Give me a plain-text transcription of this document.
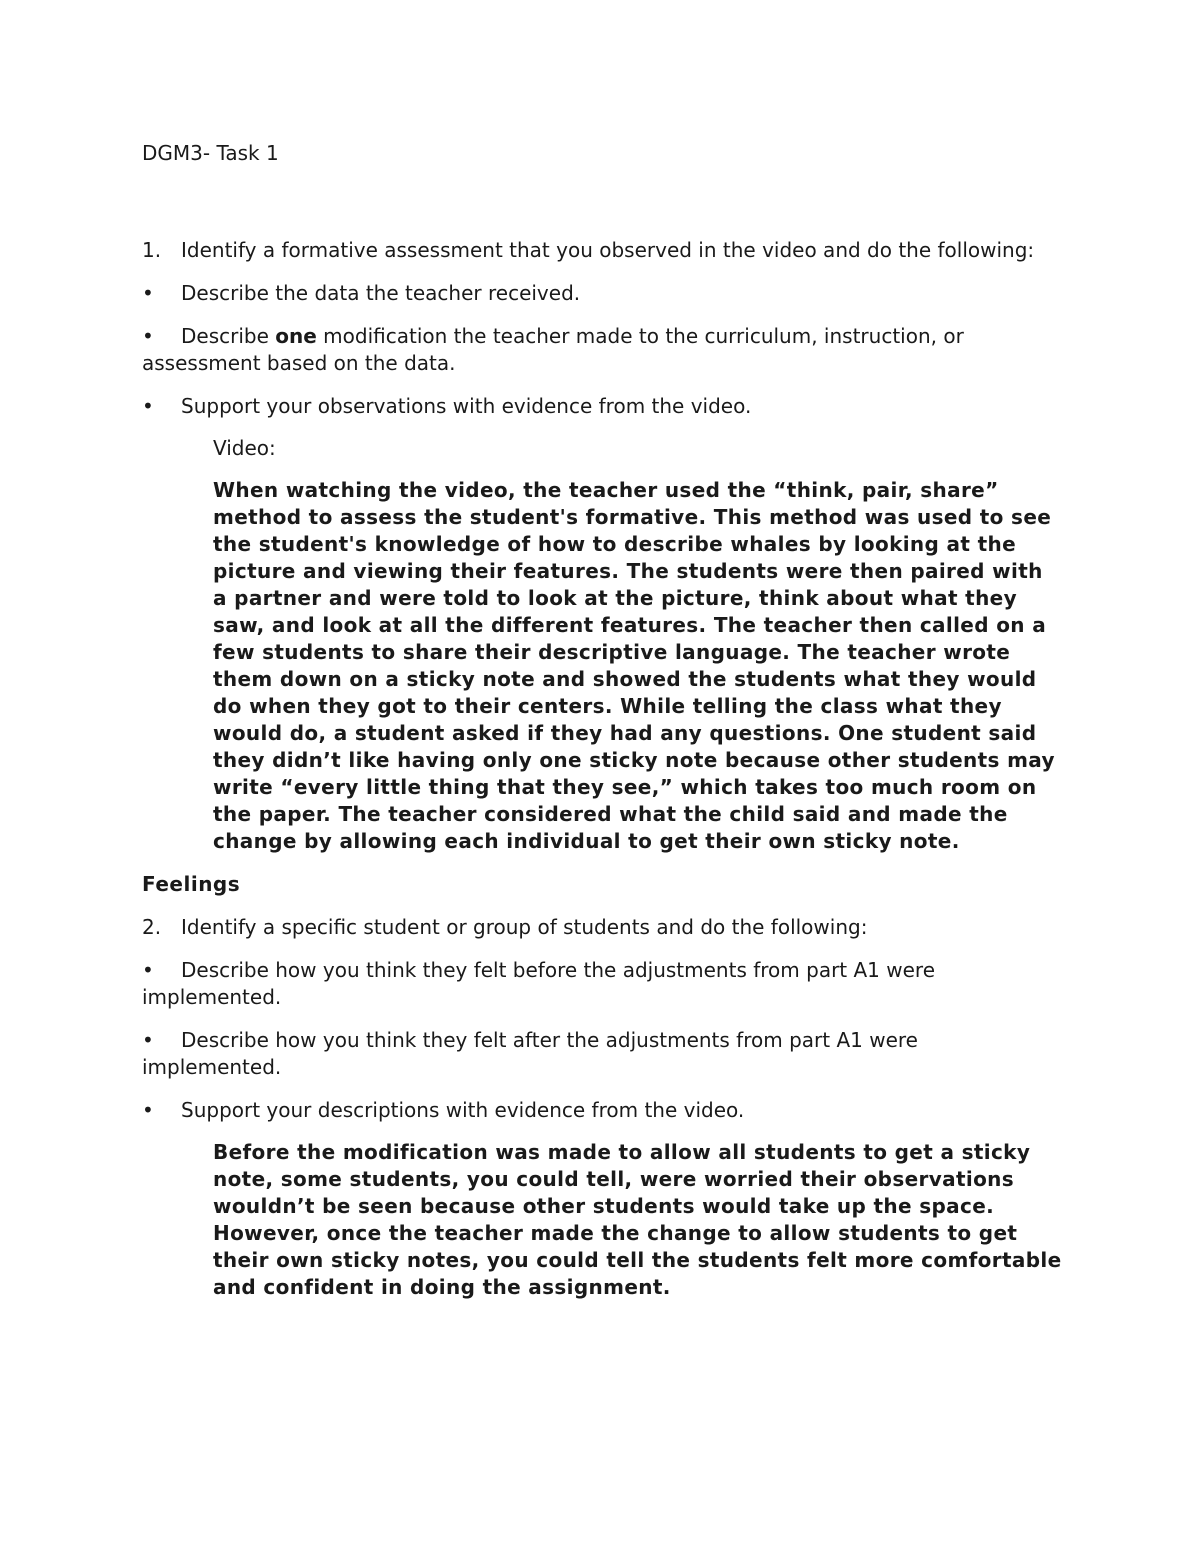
DGM3- Task 1

1. Identify a formative assessment that you observed in the video and do the following:

• Describe the data the teacher received.

• Describe one modification the teacher made to the curriculum, instruction, or assessment based on the data.

• Support your observations with evidence from the video.

Video:

When watching the video, the teacher used the “think, pair, share” method to assess the student's formative. This method was used to see the student's knowledge of how to describe whales by looking at the picture and viewing their features. The students were then paired with a partner and were told to look at the picture, think about what they saw, and look at all the different features. The teacher then called on a few students to share their descriptive language. The teacher wrote them down on a sticky note and showed the students what they would do when they got to their centers. While telling the class what they would do, a student asked if they had any questions. One student said they didn’t like having only one sticky note because other students may write “every little thing that they see,” which takes too much room on the paper. The teacher considered what the child said and made the change by allowing each individual to get their own sticky note.

Feelings

2. Identify a specific student or group of students and do the following:

• Describe how you think they felt before the adjustments from part A1 were implemented.

• Describe how you think they felt after the adjustments from part A1 were implemented.

• Support your descriptions with evidence from the video.

Before the modification was made to allow all students to get a sticky note, some students, you could tell, were worried their observations wouldn’t be seen because other students would take up the space. However, once the teacher made the change to allow students to get their own sticky notes, you could tell the students felt more comfortable and confident in doing the assignment.
